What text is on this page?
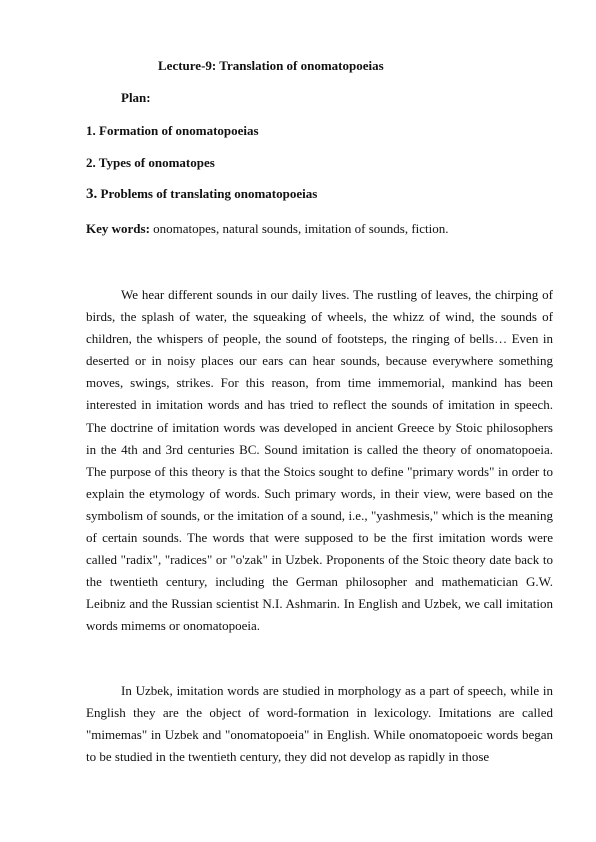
Lecture-9: Translation of onomatopoeias
Plan:
1. Formation of onomatopoeias
2. Types of onomatopes
3. Problems of translating onomatopoeias
Key words: onomatopes, natural sounds, imitation of sounds, fiction.

We hear different sounds in our daily lives. The rustling of leaves, the chirping of birds, the splash of water, the squeaking of wheels, the whizz of wind, the sounds of children, the whispers of people, the sound of footsteps, the ringing of bells… Even in deserted or in noisy places our ears can hear sounds, because everywhere something moves, swings, strikes. For this reason, from time immemorial, mankind has been interested in imitation words and has tried to reflect the sounds of imitation in speech. The doctrine of imitation words was developed in ancient Greece by Stoic philosophers in the 4th and 3rd centuries BC. Sound imitation is called the theory of onomatopoeia. The purpose of this theory is that the Stoics sought to define "primary words" in order to explain the etymology of words. Such primary words, in their view, were based on the symbolism of sounds, or the imitation of a sound, i.e., "yashmesis," which is the meaning of certain sounds. The words that were supposed to be the first imitation words were called "radix", "radices" or "o'zak" in Uzbek. Proponents of the Stoic theory date back to the twentieth century, including the German philosopher and mathematician G.W. Leibniz and the Russian scientist N.I. Ashmarin. In English and Uzbek, we call imitation words mimems or onomatopoeia.

In Uzbek, imitation words are studied in morphology as a part of speech, while in English they are the object of word-formation in lexicology. Imitations are called "mimemas" in Uzbek and "onomatopoeia" in English. While onomatopoeic words began to be studied in the twentieth century, they did not develop as rapidly in those
